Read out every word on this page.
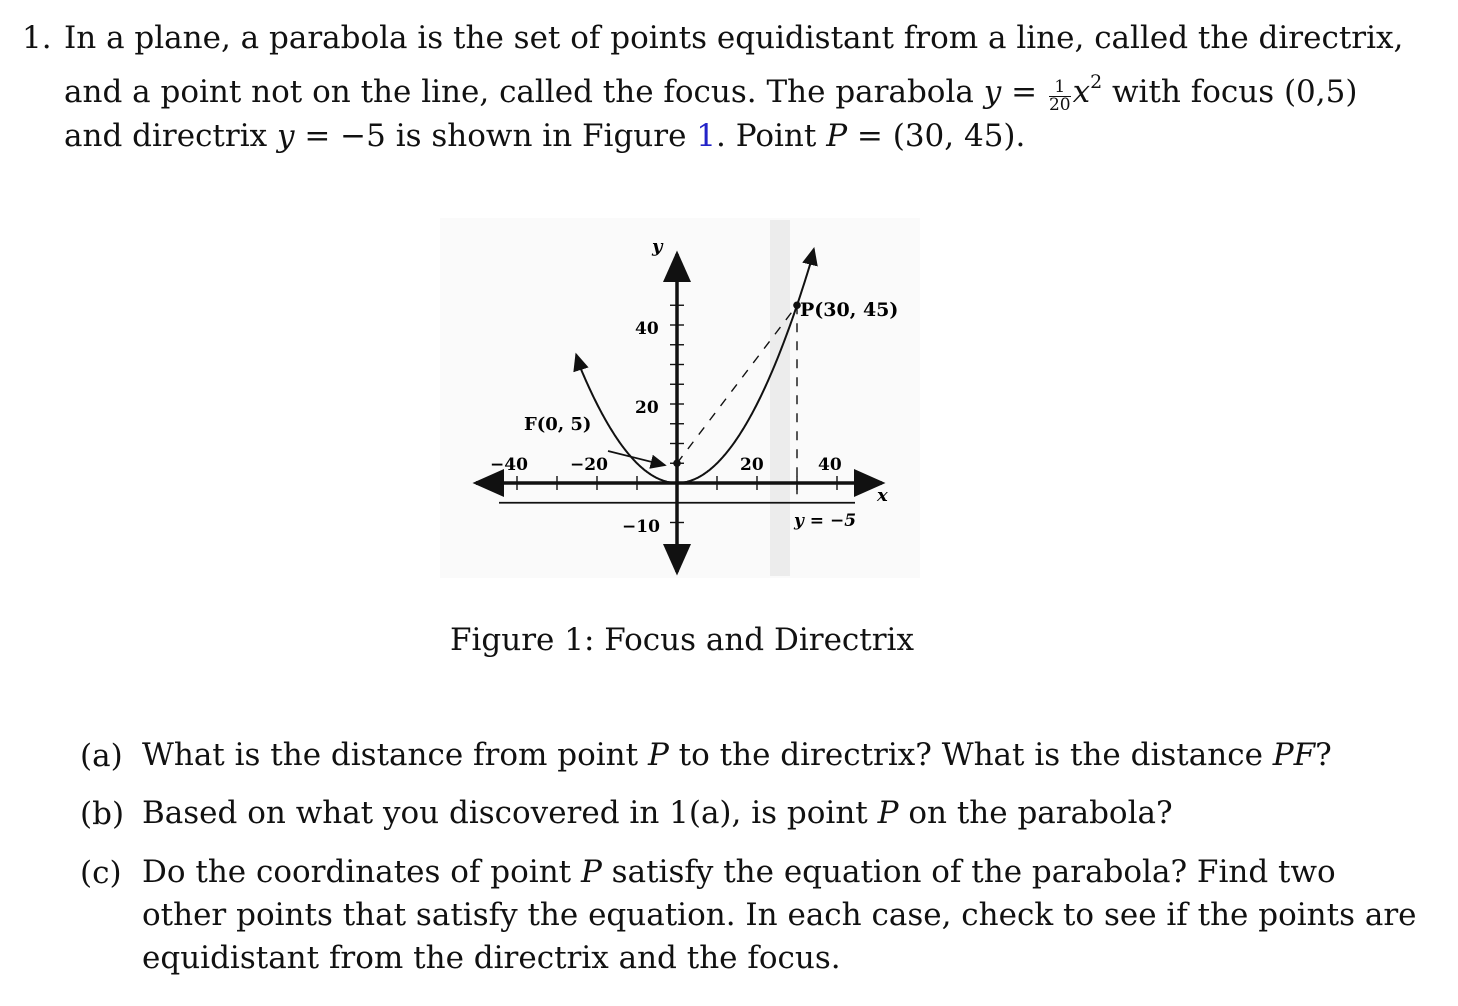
1. In a plane, a parabola is the set of points equidistant from a line, called the directrix,
and a point not on the line, called the focus. The parabola $y = \frac{1}{20} x^2$ with focus (0,5)
and directrix y = −5 is shown in Figure 1. Point P = (30, 45).
y
x
−40 −20	20	40
40
20
−10
P(30, 45)
F(0, 5)
y = −5
Figure 1: Focus and Directrix
(a) What is the distance from point P to the directrix? What is the distance PF?
(b) Based on what you discovered in 1(a), is point P on the parabola?
(c) Do the coordinates of point P satisfy the equation of the parabola? Find two
other points that satisfy the equation. In each case, check to see if the points are
equidistant from the directrix and the focus.
